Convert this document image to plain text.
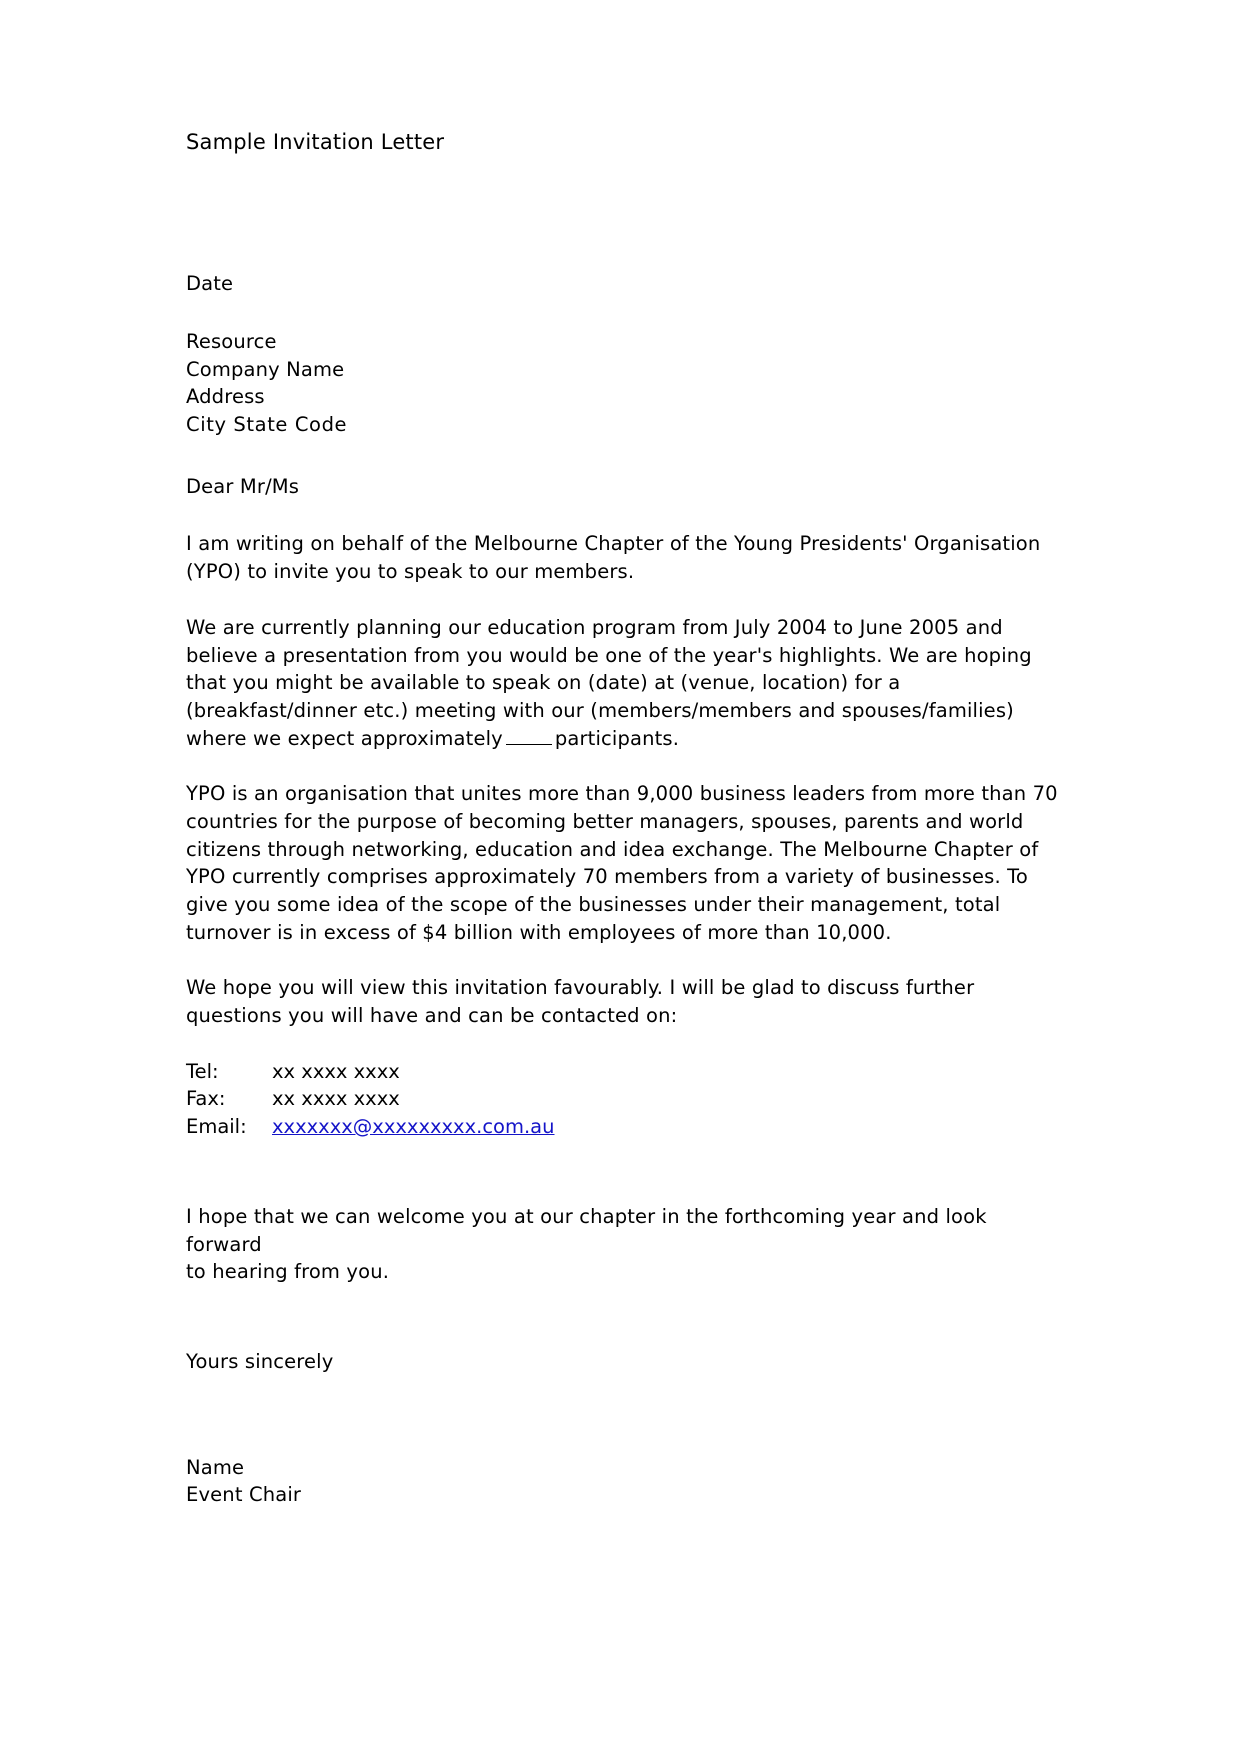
Sample Invitation Letter
Date
Resource
Company Name
Address
City State Code
Dear Mr/Ms
I am writing on behalf of the Melbourne Chapter of the Young Presidents' Organisation
(YPO) to invite you to speak to our members.
We are currently planning our education program from July 2004 to June 2005 and
believe a presentation from you would be one of the year's highlights. We are hoping
that you might be available to speak on (date) at (venue, location) for a
(breakfast/dinner etc.) meeting with our (members/members and spouses/families)
where we expect approximately	participants.
YPO is an organisation that unites more than 9,000 business leaders from more than 70
countries for the purpose of becoming better managers, spouses, parents and world
citizens through networking, education and idea exchange. The Melbourne Chapter of
YPO currently comprises approximately 70 members from a variety of businesses. To
give you some idea of the scope of the businesses under their management, total
turnover is in excess of $4 billion with employees of more than 10,000.
We hope you will view this invitation favourably. I will be glad to discuss further
questions you will have and can be contacted on:
Tel:	xx xxxx xxxx
Fax:	xx xxxx xxxx
Email:	xxxxxxx@xxxxxxxxx.com.au
I hope that we can welcome you at our chapter in the forthcoming year and look forward
to hearing from you.
Yours sincerely
Name
Event Chair
